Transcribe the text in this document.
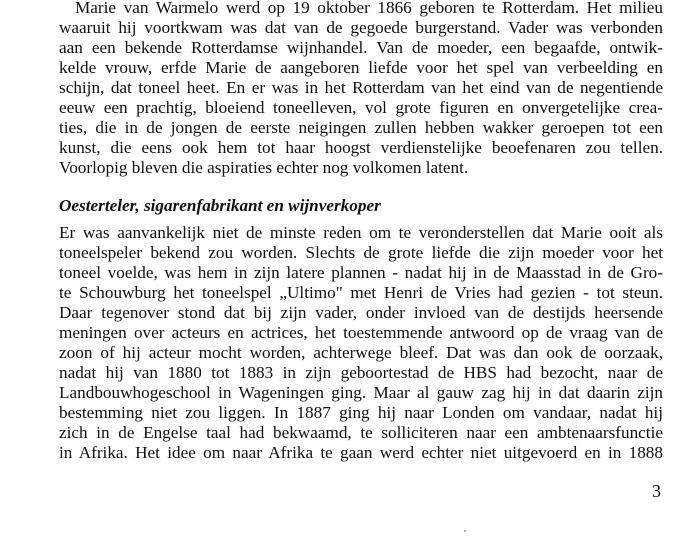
Marie van Warmelo werd op 19 oktober 1866 geboren te Rotterdam. Het milieu
waaruit hij voortkwam was dat van de gegoede burgerstand. Vader was verbonden
aan een bekende Rotterdamse wijnhandel. Van de moeder, een begaafde, ontwik-
kelde vrouw, erfde Marie de aangeboren liefde voor het spel van verbeelding en
schijn, dat toneel heet. En er was in het Rotterdam van het eind van de negentiende
eeuw een prachtig, bloeiend toneelleven, vol grote figuren en onvergetelijke crea-
ties, die in de jongen de eerste neigingen zullen hebben wakker geroepen tot een
kunst, die eens ook hem tot haar hoogst verdienstelijke beoefenaren zou tellen.
Voorlopig bleven die aspiraties echter nog volkomen latent.
Oesterteler, sigarenfabrikant en wijnverkoper
Er was aanvankelijk niet de minste reden om te veronderstellen dat Marie ooit als
toneelspeler bekend zou worden. Slechts de grote liefde die zijn moeder voor het
toneel voelde, was hem in zijn latere plannen - nadat hij in de Maasstad in de Gro-
te Schouwburg het toneelspel „Ultimo" met Henri de Vries had gezien - tot steun.
Daar tegenover stond dat bij zijn vader, onder invloed van de destijds heersende
meningen over acteurs en actrices, het toestemmende antwoord op de vraag van de
zoon of hij acteur mocht worden, achterwege bleef. Dat was dan ook de oorzaak,
nadat hij van 1880 tot 1883 in zijn geboortestad de HBS had bezocht, naar de
Landbouwhogeschool in Wageningen ging. Maar al gauw zag hij in dat daarin zijn
bestemming niet zou liggen. In 1887 ging hij naar Londen om vandaar, nadat hij
zich in de Engelse taal had bekwaamd, te solliciteren naar een ambtenaarsfunctie
in Afrika. Het idee om naar Afrika te gaan werd echter niet uitgevoerd en in 1888
3
